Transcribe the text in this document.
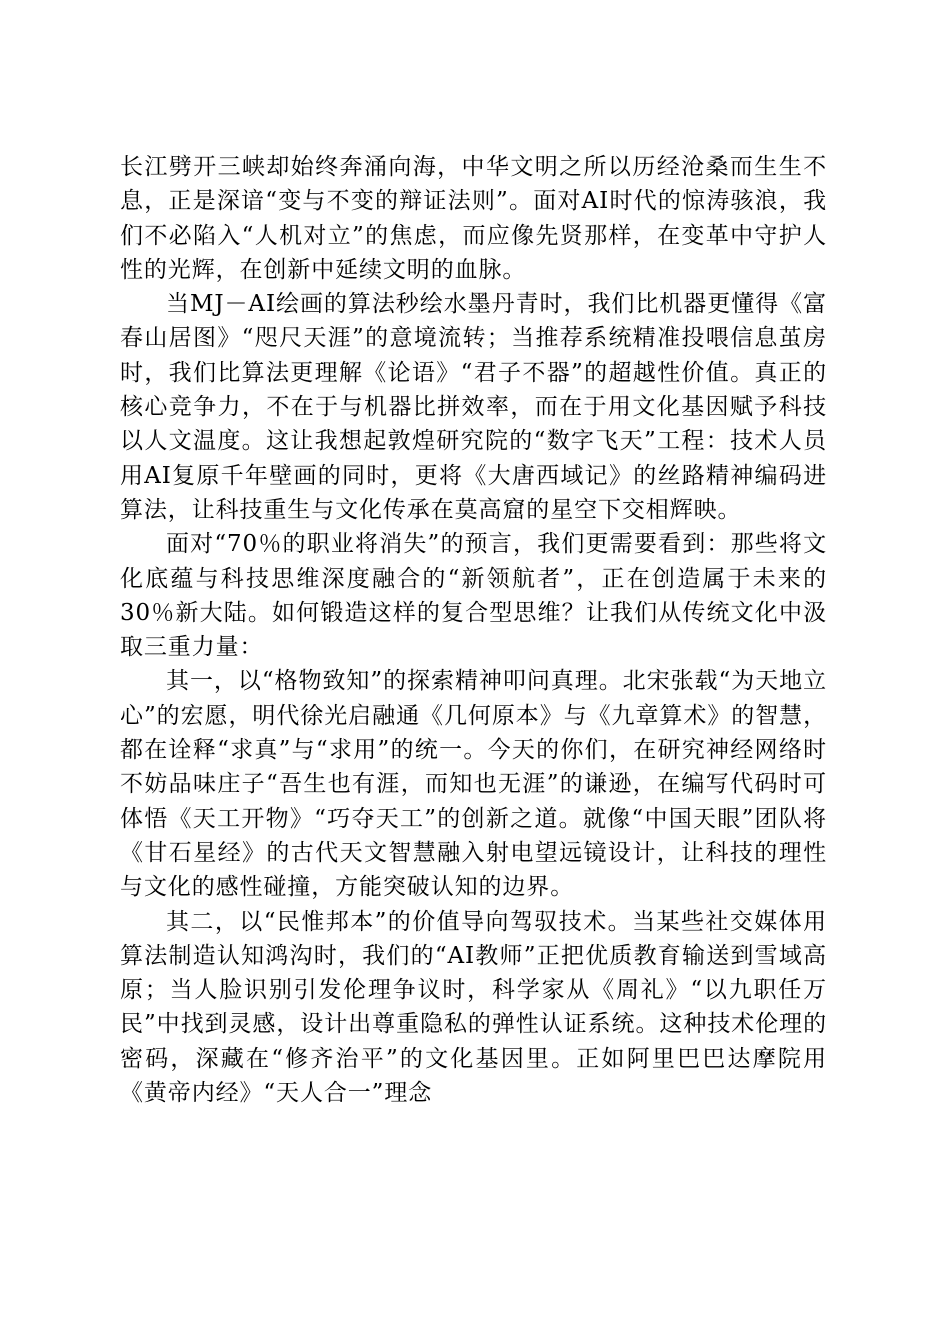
长江劈开三峡却始终奔涌向海，中华文明之所以历经沧桑而生生不息，正是深谙“变与不变的辩证法则”。面对AI时代的惊涛骇浪，我们不必陷入“人机对立”的焦虑，而应像先贤那样，在变革中守护人性的光辉，在创新中延续文明的血脉。

当MJ－AI绘画的算法秒绘水墨丹青时，我们比机器更懂得《富春山居图》“咫尺天涯”的意境流转；当推荐系统精准投喂信息茧房时，我们比算法更理解《论语》“君子不器”的超越性价值。真正的核心竞争力，不在于与机器比拼效率，而在于用文化基因赋予科技以人文温度。这让我想起敦煌研究院的“数字飞天”工程：技术人员用AI复原千年壁画的同时，更将《大唐西域记》的丝路精神编码进算法，让科技重生与文化传承在莫高窟的星空下交相辉映。

面对“70％的职业将消失”的预言，我们更需要看到：那些将文化底蕴与科技思维深度融合的“新领航者”，正在创造属于未来的30％新大陆。如何锻造这样的复合型思维？让我们从传统文化中汲取三重力量：

其一，以“格物致知”的探索精神叩问真理。北宋张载“为天地立心”的宏愿，明代徐光启融通《几何原本》与《九章算术》的智慧，都在诠释“求真”与“求用”的统一。今天的你们，在研究神经网络时不妨品味庄子“吾生也有涯，而知也无涯”的谦逊，在编写代码时可体悟《天工开物》“巧夺天工”的创新之道。就像“中国天眼”团队将《甘石星经》的古代天文智慧融入射电望远镜设计，让科技的理性与文化的感性碰撞，方能突破认知的边界。

其二，以“民惟邦本”的价值导向驾驭技术。当某些社交媒体用算法制造认知鸿沟时，我们的“AI教师”正把优质教育输送到雪域高原；当人脸识别引发伦理争议时，科学家从《周礼》“以九职任万民”中找到灵感，设计出尊重隐私的弹性认证系统。这种技术伦理的密码，深藏在“修齐治平”的文化基因里。正如阿里巴巴达摩院用《黄帝内经》“天人合一”理念
